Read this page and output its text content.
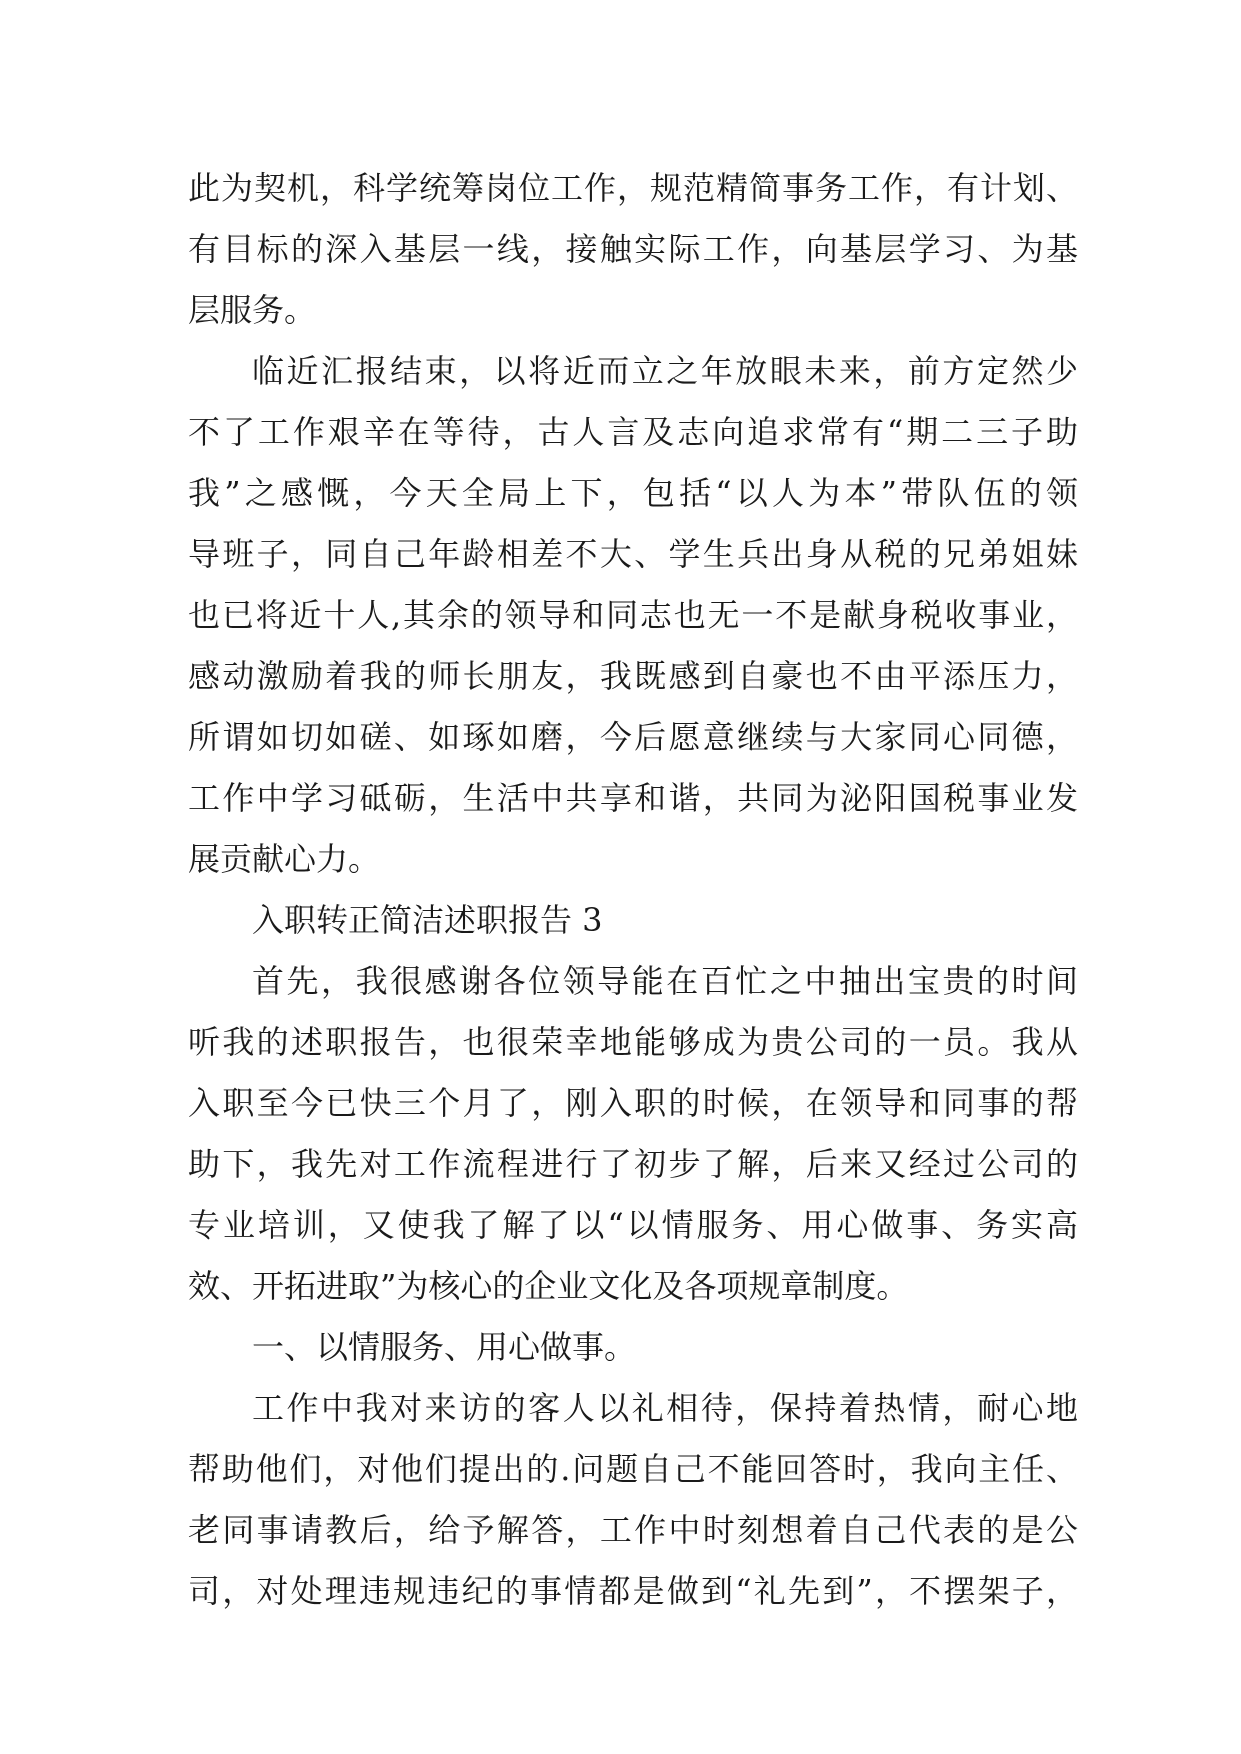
此为契机，科学统筹岗位工作，规范精简事务工作，有计划、
有目标的深入基层一线，接触实际工作，向基层学习、为基
层服务。
临近汇报结束，以将近而立之年放眼未来，前方定然少
不了工作艰辛在等待，古人言及志向追求常有“期二三子助
我”之感慨，今天全局上下，包括“以人为本”带队伍的领
导班子，同自己年龄相差不大、学生兵出身从税的兄弟姐妹
也已将近十人,其余的领导和同志也无一不是献身税收事业，
感动激励着我的师长朋友，我既感到自豪也不由平添压力，
所谓如切如磋、如琢如磨，今后愿意继续与大家同心同德，
工作中学习砥砺，生活中共享和谐，共同为泌阳国税事业发
展贡献心力。
入职转正简洁述职报告 3
首先，我很感谢各位领导能在百忙之中抽出宝贵的时间
听我的述职报告，也很荣幸地能够成为贵公司的一员。我从
入职至今已快三个月了，刚入职的时候，在领导和同事的帮
助下，我先对工作流程进行了初步了解，后来又经过公司的
专业培训，又使我了解了以“以情服务、用心做事、务实高
效、开拓进取”为核心的企业文化及各项规章制度。
一、以情服务、用心做事。
工作中我对来访的客人以礼相待，保持着热情，耐心地
帮助他们，对他们提出的.问题自己不能回答时，我向主任、
老同事请教后，给予解答，工作中时刻想着自己代表的是公
司，对处理违规违纪的事情都是做到“礼先到”，不摆架子，
